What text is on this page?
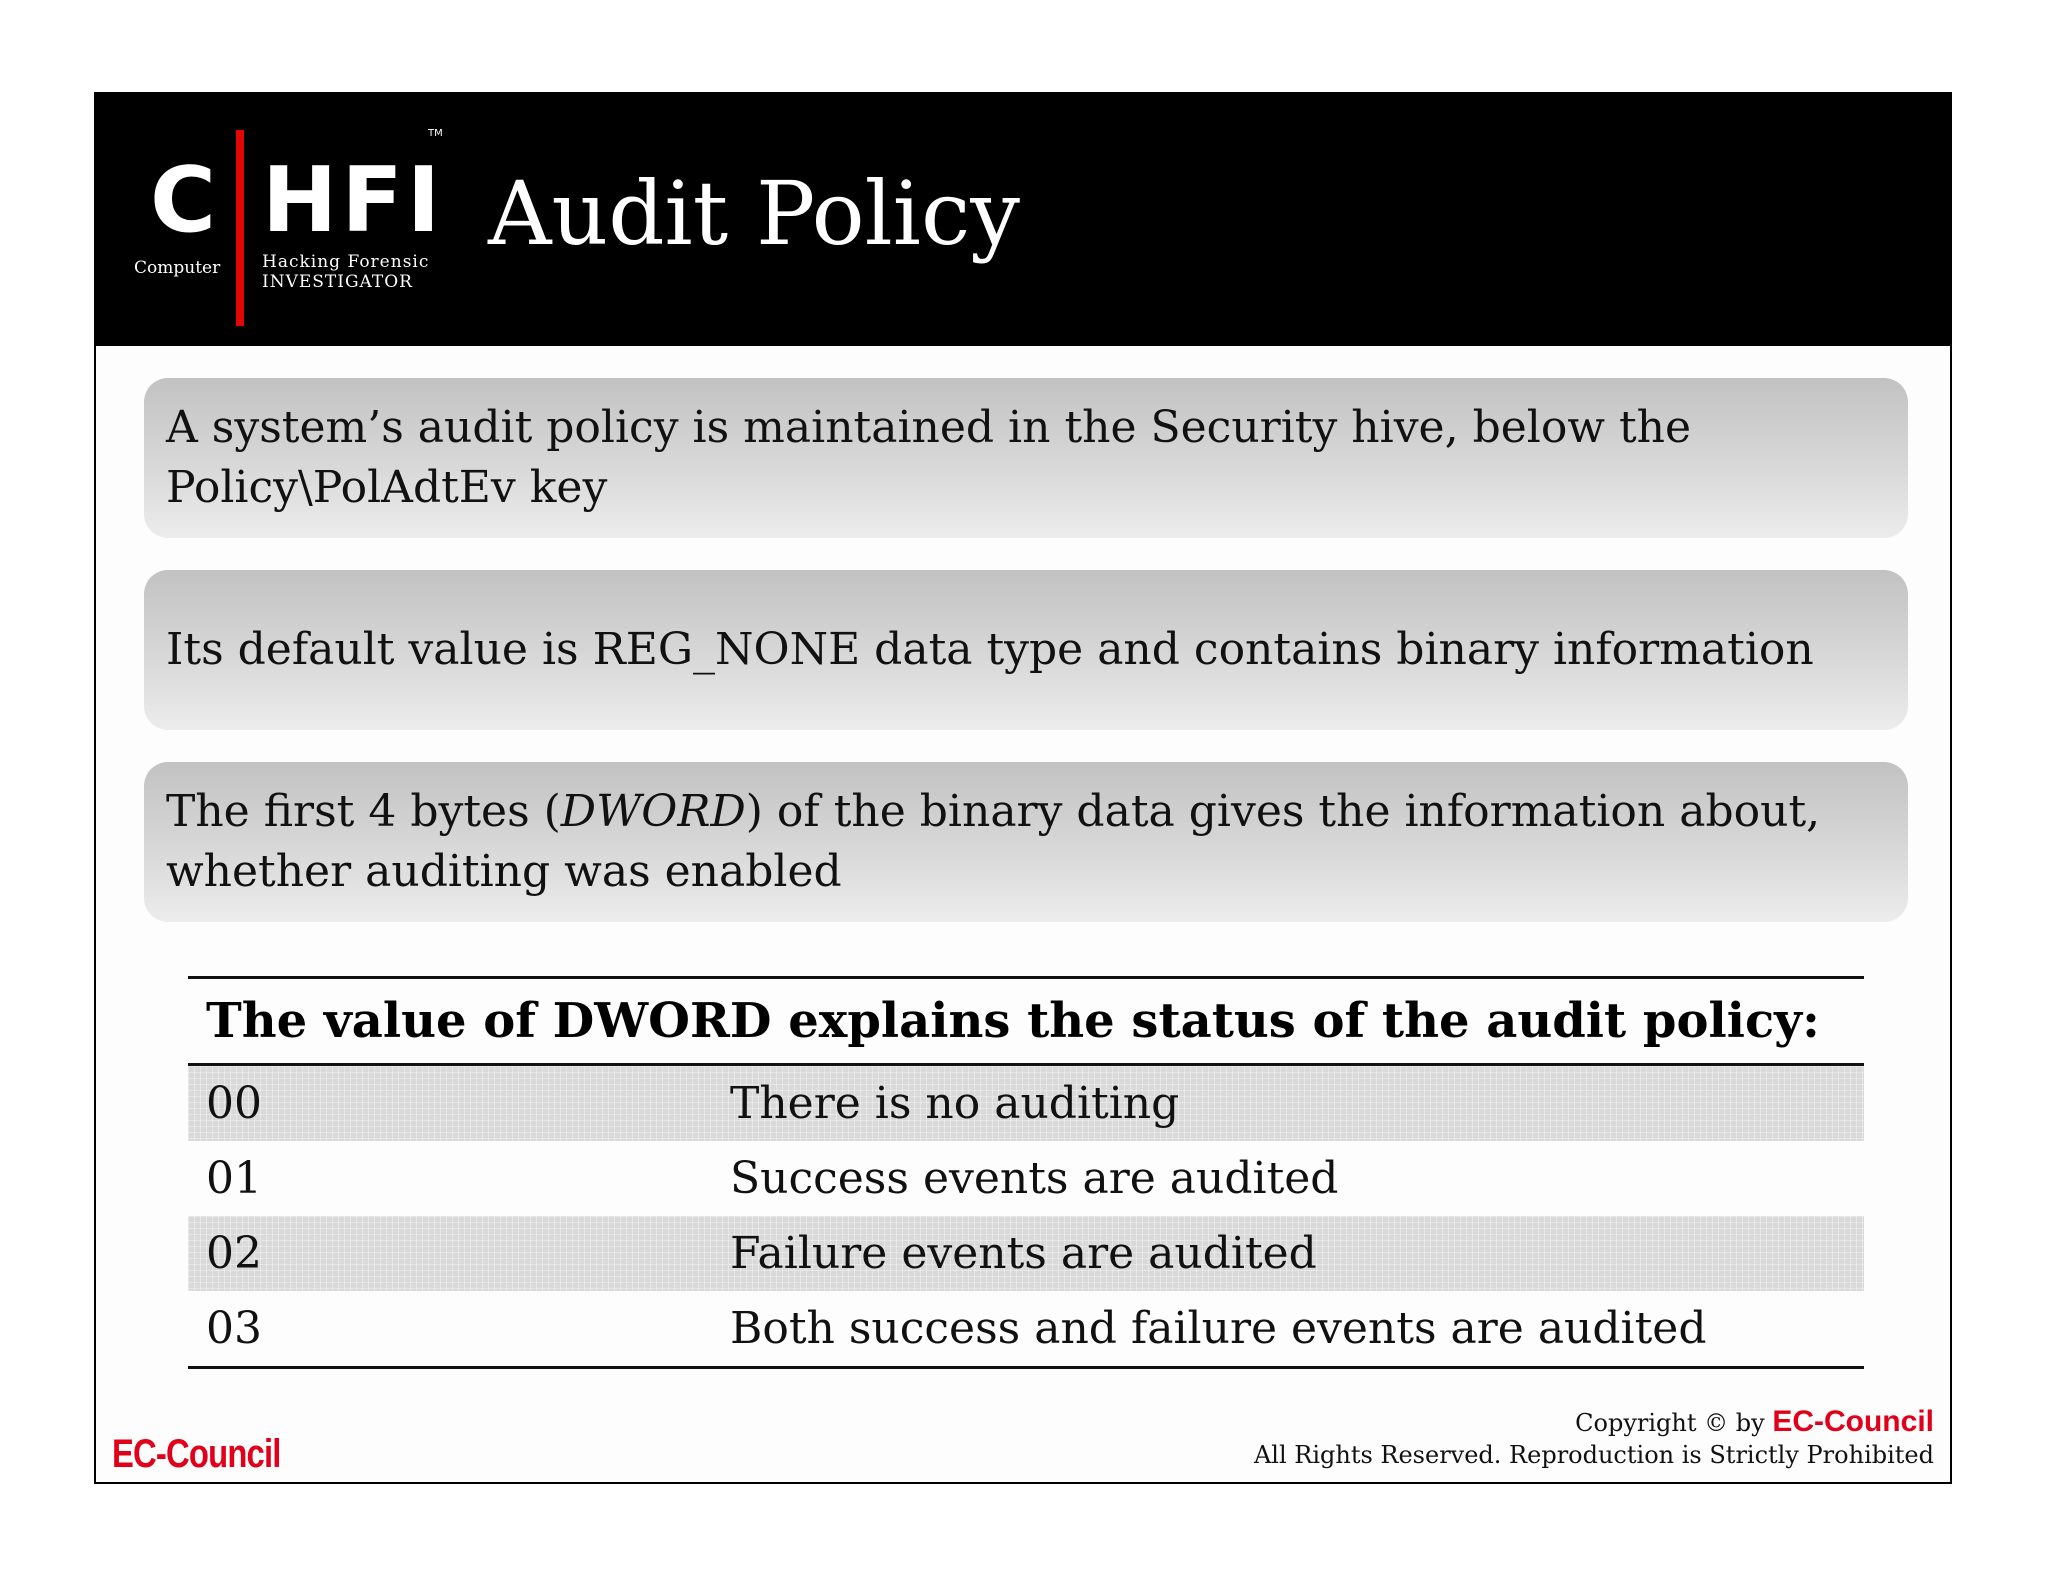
C HFI
TM
Computer Hacking Forensic
INVESTIGATOR
Audit Policy

A system’s audit policy is maintained in the Security hive, below the
Policy\PolAdtEv key

Its default value is REG_NONE data type and contains binary information

The first 4 bytes (DWORD) of the binary data gives the information about,
whether auditing was enabled

The value of DWORD explains the status of the audit policy:
00	There is no auditing
01	Success events are audited
02	Failure events are audited
03	Both success and failure events are audited
EC-Council
Copyright © by EC-Council
All Rights Reserved. Reproduction is Strictly Prohibited
